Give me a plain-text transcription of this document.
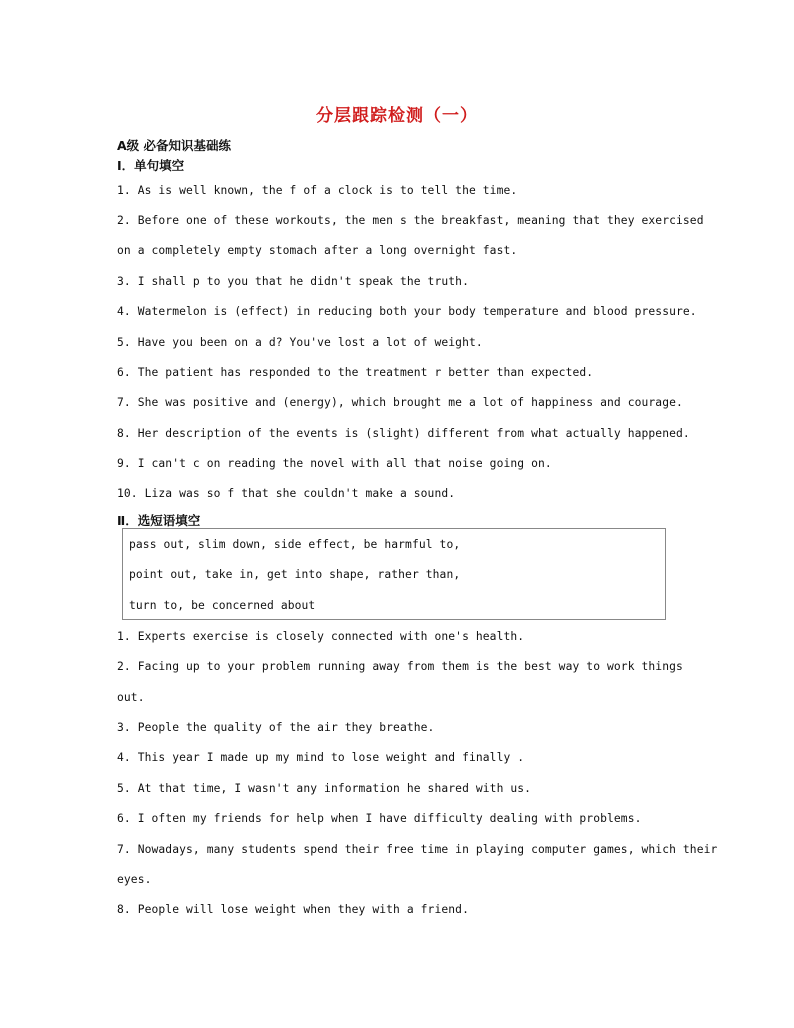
分层跟踪检测（一）
A级 必备知识基础练
Ⅰ．单句填空
1. As is well known, the f of a clock is to tell the time.
2. Before one of these workouts, the men s the breakfast, meaning that they exercised
on a completely empty stomach after a long overnight fast.
3. I shall p to you that he didn't speak the truth.
4. Watermelon is (effect) in reducing both your body temperature and blood pressure.
5. Have you been on a d? You've lost a lot of weight.
6. The patient has responded to the treatment r better than expected.
7. She was positive and (energy), which brought me a lot of happiness and courage.
8. Her description of the events is (slight) different from what actually happened.
9. I can't c on reading the novel with all that noise going on.
10. Liza was so f that she couldn't make a sound.
Ⅱ．选短语填空
pass out, slim down, side effect, be harmful to,
point out, take in, get into shape, rather than,
turn to, be concerned about
1. Experts exercise is closely connected with one's health.
2. Facing up to your problem running away from them is the best way to work things
out.
3. People the quality of the air they breathe.
4. This year I made up my mind to lose weight and finally .
5. At that time, I wasn't any information he shared with us.
6. I often my friends for help when I have difficulty dealing with problems.
7. Nowadays, many students spend their free time in playing computer games, which their
eyes.
8. People will lose weight when they with a friend.
